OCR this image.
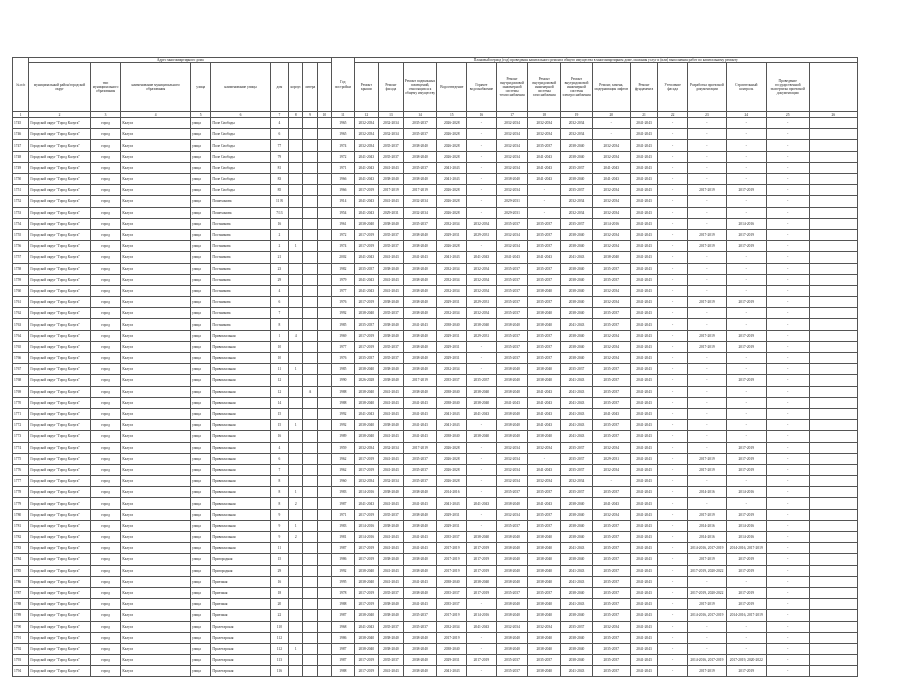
№ п/п	Адрес многоквартирного дома									Год постройки	Плановый период (год) проведения капитального ремонта общего имущества в многоквартирном доме, оказания услуг и (или) выполнения работ по капитальному ремонту														
	муниципальный район/городской округ	тип муниципального образования	наименование муниципального образования	улица	наименование улицы	дом	корпус	литера			Ремонт крыши	Ремонт фасада	Ремонт подвальных помещений, относящихся к общему имуществу	Водоотведение	Горячее водоснабжение	Ремонт внутридомовой инженерной системы теплоснабжения	Ремонт внутридомовой инженерной системы газоснабжения	Ремонт внутридомовой инженерной системы электроснабжения	Ремонт, замена, модернизация лифтов	Ремонт фундамента	Утепление фасада	Разработка проектной документации	Строительный контроль	Проведение государственной экспертизы проектной документации	
1	2	3	4	5	6	7	8	9	10	11	12	13	14	15	16	17	18	19	20	21	22	23	24	25	26
1745	Городской округ "Город Калуга"	город	Калуга	улица	Поле Свободы	4				1965	2032-2034	2032-2034	2035-2037	2026-2028	-	2032-2034	2032-2034	2032-2034	-	2041-2043	-	-	-	-	
1746	Городской округ "Город Калуга"	город	Калуга	улица	Поле Свободы	6				1965	2032-2034	2032-2034	2035-2037	2026-2028	-	2032-2034	2032-2034	2032-2034	-	2041-2043	-	-	-	-	
1747	Городской округ "Город Калуга"	город	Калуга	улица	Поле Свободы	77				1974	2032-2034	2035-2037	2038-2040	2026-2028	-	2032-2034	2035-2037	2038-2040	2032-2034	2041-2043	-	-	-	-	
1748	Городской округ "Город Калуга"	город	Калуга	улица	Поле Свободы	79				1972	2041-2043	2035-2037	2038-2040	2026-2028	-	2032-2034	2041-2043	2038-2040	2032-2034	2041-2043	-	-	-	-	
1749	Городской округ "Город Калуга"	город	Калуга	улица	Поле Свободы	81				1971	2041-2043	2041-2043	2035-2037	2041-2043	-	2032-2034	2041-2043	2035-2037	2041-2043	2041-2043	-	-	-	-	
1750	Городской округ "Город Калуга"	город	Калуга	улица	Поле Свободы	83				1966	2041-2043	2038-2040	2038-2040	2041-2043	-	2038-2040	2041-2043	2038-2040	2041-2043	2041-2043	-	-	-	-	
1751	Городской округ "Город Калуга"	город	Калуга	улица	Поле Свободы	85				1966	2017-2019	2017-2019	2017-2019	2026-2028	-	2032-2034	-	2035-2037	2032-2034	2041-2043	-	2017-2019	2017-2019	-	
1752	Городской округ "Город Калуга"	город	Калуга	улица	Пошехонова	11 В				1914	2041-2043	2041-2043	2032-2034	2026-2028	-	2029-2031	-	2032-2034	2032-2034	2041-2043	-	-	-	-	
1753	Городской округ "Город Калуга"	город	Калуга	улица	Пошехонова	7/13				1954	2041-2043	2029-2031	2032-2034	2026-2028	-	2029-2031	-	2032-2034	2032-2034	2041-2043	-	-	-	-	
1754	Городской округ "Город Калуга"	город	Калуга	улица	Постникова	16				1961	2038-2040	2038-2040	2035-2037	2032-2034	2032-2034	2035-2037	2035-2037	2035-2037	2014-2016	2041-2043	-	-	2014-2016	-	
1755	Городской округ "Город Калуга"	город	Калуга	улица	Постникова	2				1972	2017-2019	2035-2037	2038-2040	2029-2031	2029-2031	2032-2034	2035-2037	2038-2040	2032-2034	2041-2043	-	2017-2019	2017-2019	-	
1756	Городской округ "Город Калуга"	город	Калуга	улица	Постникова	2	1			1974	2017-2019	2035-2037	2038-2040	2026-2028	-	2032-2034	2035-2037	2038-2040	2032-2034	2041-2043	-	2017-2019	2017-2019	-	
1757	Городской округ "Город Калуга"	город	Калуга	улица	Постникова	21				2002	2041-2043	2041-2043	2041-2043	2041-2043	2041-2043	2041-2043	2041-2043	2041-2043	2038-2040	2041-2043	-	-	-	-	
1758	Городской округ "Город Калуга"	город	Калуга	улица	Постникова	23				1982	2035-2037	2038-2040	2038-2040	2032-2034	2032-2034	2035-2037	2035-2037	2038-2040	2035-2037	2041-2043	-	-	-	-	
1759	Городской округ "Город Калуга"	город	Калуга	улица	Постникова	29				1979	2041-2043	2041-2043	2038-2040	2032-2034	2032-2034	2035-2037	2035-2037	2038-2040	2035-2037	2041-2043	-	-	-	-	
1760	Городской округ "Город Калуга"	город	Калуга	улица	Постникова	4				1977	2041-2043	2041-2043	2038-2040	2032-2034	2032-2034	2035-2037	2038-2040	2038-2040	2032-2034	2041-2043	-	-	-	-	
1761	Городской округ "Город Калуга"	город	Калуга	улица	Постникова	6				1976	2017-2019	2038-2040	2038-2040	2029-2031	2029-2031	2035-2037	2035-2037	2038-2040	2032-2034	2041-2043	-	2017-2019	2017-2019	-	
1762	Городской округ "Город Калуга"	город	Калуга	улица	Постникова	7				1992	2038-2040	2035-2037	2038-2040	2032-2034	2032-2034	2035-2037	2038-2040	2038-2040	2035-2037	2041-2043	-	-	-	-	
1763	Городской округ "Город Калуга"	город	Калуга	улица	Постникова	8				1985	2035-2037	2038-2040	2041-2043	2038-2040	2038-2040	2038-2040	2038-2040	2041-2043	2035-2037	2041-2043	-	-	-	-	
1764	Городской округ "Город Калуга"	город	Калуга	улица	Привокзальная	1	4			1969	2017-2019	2038-2040	2038-2040	2029-2031	2029-2031	2035-2037	2035-2037	2038-2040	2032-2034	2041-2043	-	2017-2019	2017-2019	-	
1765	Городской округ "Город Калуга"	город	Калуга	улица	Привокзальная	10				1977	2017-2019	2035-2037	2038-2040	2029-2031	-	2035-2037	2035-2037	2038-2040	2032-2034	2041-2043	-	2017-2019	2017-2019	-	
1766	Городской округ "Город Калуга"	город	Калуга	улица	Привокзальная	10				1976	2035-2037	2035-2037	2038-2040	2029-2031	-	2035-2037	2035-2037	2038-2040	2032-2034	2041-2043	-	-	-	-	
1767	Городской округ "Город Калуга"	город	Калуга	улица	Привокзальная	11	1			1985	2038-2040	2038-2040	2038-2040	2032-2034	-	2038-2040	2038-2040	2035-2037	2035-2037	2041-2043	-	-	-	-	
1768	Городской округ "Город Калуга"	город	Калуга	улица	Привокзальная	12				1990	2026-2028	2038-2040	2017-2019	2035-2037	2035-2037	2038-2040	2038-2040	2041-2043	2035-2037	2041-2043	-	-	2017-2019	-	
1769	Городской округ "Город Калуга"	город	Калуга	улица	Привокзальная	12		А		1988	2038-2040	2041-2043	2038-2040	2038-2040	2038-2040	2038-2040	2041-2043	2041-2043	2035-2037	2041-2043	-	-	-	-	
1770	Городской округ "Город Калуга"	город	Калуга	улица	Привокзальная	14				1988	2038-2040	2041-2043	2041-2043	2038-2040	2038-2040	2041-2043	2041-2043	2041-2043	2035-2037	2041-2043	-	-	-	-	
1771	Городской округ "Город Калуга"	город	Калуга	улица	Привокзальная	15				1992	2041-2043	2041-2043	2041-2043	2041-2043	2041-2043	2038-2040	2041-2043	2041-2043	2041-2043	2041-2043	-	-	-	-	
1772	Городской округ "Город Калуга"	город	Калуга	улица	Привокзальная	15	1			1992	2038-2040	2038-2040	2041-2043	2041-2043	-	2038-2040	2041-2043	2041-2043	2035-2037	2041-2043	-	-	-	-	
1773	Городской округ "Город Калуга"	город	Калуга	улица	Привокзальная	16				1989	2038-2040	2041-2043	2041-2043	2038-2040	2038-2040	2038-2040	2038-2040	2041-2043	2035-2037	2041-2043	-	-	-	-	
1774	Городской округ "Город Калуга"	город	Калуга	улица	Привокзальная	4				1959	2032-2034	2032-2034	2017-2019	2026-2028	-	2032-2034	2032-2034	2035-2037	2032-2034	2041-2043	-	-	2017-2019	-	
1775	Городской округ "Город Калуга"	город	Калуга	улица	Привокзальная	6				1962	2017-2019	2041-2043	2035-2037	2026-2028	-	2032-2034	-	2035-2037	2029-2031	2041-2043	-	2017-2019	2017-2019	-	
1776	Городской округ "Город Калуга"	город	Калуга	улица	Привокзальная	7				1962	2017-2019	2041-2043	2035-2037	2026-2028	-	2032-2034	2041-2043	2035-2037	2032-2034	2041-2043	-	2017-2019	2017-2019	-	
1777	Городской округ "Город Калуга"	город	Калуга	улица	Привокзальная	8				1960	2032-2034	2032-2034	2035-2037	2026-2028	-	2032-2034	2032-2034	2032-2034	-	2041-2043	-	-	-	-	
1778	Городской округ "Город Калуга"	город	Калуга	улица	Привокзальная	8	1			1983	2014-2016	2038-2040	2038-2040	2014-2016	-	2035-2037	2035-2037	2035-2037	2035-2037	2041-2043	-	2014-2016	2014-2016	-	
1779	Городской округ "Город Калуга"	город	Калуга	улица	Привокзальная	8	2			1987	2041-2043	2041-2043	2041-2043	2041-2043	2041-2043	2038-2040	2041-2043	2038-2040	2041-2043	2041-2043	-	-	-	-	
1780	Городской округ "Город Калуга"	город	Калуга	улица	Привокзальная	9				1971	2017-2019	2035-2037	2038-2040	2029-2031	-	2032-2034	2035-2037	2038-2040	2032-2034	2041-2043	-	2017-2019	2017-2019	-	
1781	Городской округ "Город Калуга"	город	Калуга	улица	Привокзальная	9	1			1983	2014-2016	2038-2040	2038-2040	2029-2031	-	2035-2037	2035-2037	2038-2040	2035-2037	2041-2043	-	2014-2016	2014-2016	-	
1782	Городской округ "Город Калуга"	город	Калуга	улица	Привокзальная	9	2			1981	2014-2016	2041-2043	2041-2043	2035-2037	2038-2040	2038-2040	2038-2040	2038-2040	2035-2037	2041-2043	-	2014-2016	2014-2016	-	
1783	Городской округ "Город Калуга"	город	Калуга	улица	Привокзальная	11				1987	2017-2019	2041-2043	2041-2043	2017-2019	2017-2019	2038-2040	2038-2040	2041-2043	2035-2037	2041-2043	-	2014-2016, 2017-2019	2014-2016, 2017-2019	-	
1784	Городской округ "Город Калуга"	город	Калуга	улица	Пригородная	15				1986	2017-2019	2038-2040	2038-2040	2017-2019	2017-2019	2038-2040	2038-2040	2038-2040	2035-2037	2041-2043	-	2017-2019	2017-2019	-	
1785	Городской округ "Город Калуга"	город	Калуга	улица	Пригородная	29				1992	2038-2040	2041-2043	2038-2040	2017-2019	2017-2019	2038-2040	2038-2040	2041-2043	2035-2037	2041-2043	-	2017-2019, 2020-2022	2017-2019	-	
1786	Городской округ "Город Калуга"	город	Калуга	улица	Приезжая	16				1995	2038-2040	2041-2043	2041-2043	2038-2040	2038-2040	2038-2040	2038-2040	2041-2043	2035-2037	2041-2043	-	-	-	-	
1787	Городской округ "Город Калуга"	город	Калуга	улица	Приезжая	18				1978	2017-2019	2035-2037	2038-2040	2035-2037	2017-2019	2035-2037	2035-2037	2038-2040	2035-2037	2041-2043	-	2017-2019, 2020-2022	2017-2019	-	
1788	Городской округ "Город Калуга"	город	Калуга	улица	Приезжая	20				1988	2017-2019	2038-2040	2041-2043	2035-2037	-	2038-2040	2038-2040	2041-2043	2035-2037	2041-2043	-	2017-2019	2017-2019	-	
1789	Городской округ "Город Калуга"	город	Калуга	улица	Приезжая	22				1987	2038-2040	2038-2040	2035-2037	2017-2019	2014-2016	2038-2040	2038-2040	2038-2040	2035-2037	2041-2043	-	2014-2016, 2017-2019	2014-2016, 2017-2019	-	
1790	Городской округ "Город Калуга"	город	Калуга	улица	Пролетарская	110				1968	2041-2043	2035-2037	2035-2037	2032-2034	2041-2043	2032-2034	2032-2034	2035-2037	2032-2034	2041-2043	-	-	-	-	
1791	Городской округ "Город Калуга"	город	Калуга	улица	Пролетарская	112				1986	2038-2040	2038-2040	2038-2040	2017-2019	-	2038-2040	2038-2040	2038-2040	2035-2037	2041-2043	-	-	-	-	
1792	Городской округ "Город Калуга"	город	Калуга	улица	Пролетарская	112	1			1987	2038-2040	2038-2040	2038-2040	2038-2040	-	2038-2040	2038-2040	2038-2040	2035-2037	2041-2043	-	-	-	-	
1793	Городской округ "Город Калуга"	город	Калуга	улица	Пролетарская	113				1987	2017-2019	2035-2037	2038-2040	2029-2031	2017-2019	2035-2037	2035-2037	2038-2040	2035-2037	2041-2043	-	2014-2016, 2017-2019	2017-2019, 2020-2022	-	
1794	Городской округ "Город Калуга"	город	Калуга	улица	Пролетарская	116				1988	2017-2019	2041-2043	2038-2040	2041-2043	-	2035-2037	2038-2040	2041-2043	2035-2037	2041-2043	-	2017-2019	2017-2019	-	
